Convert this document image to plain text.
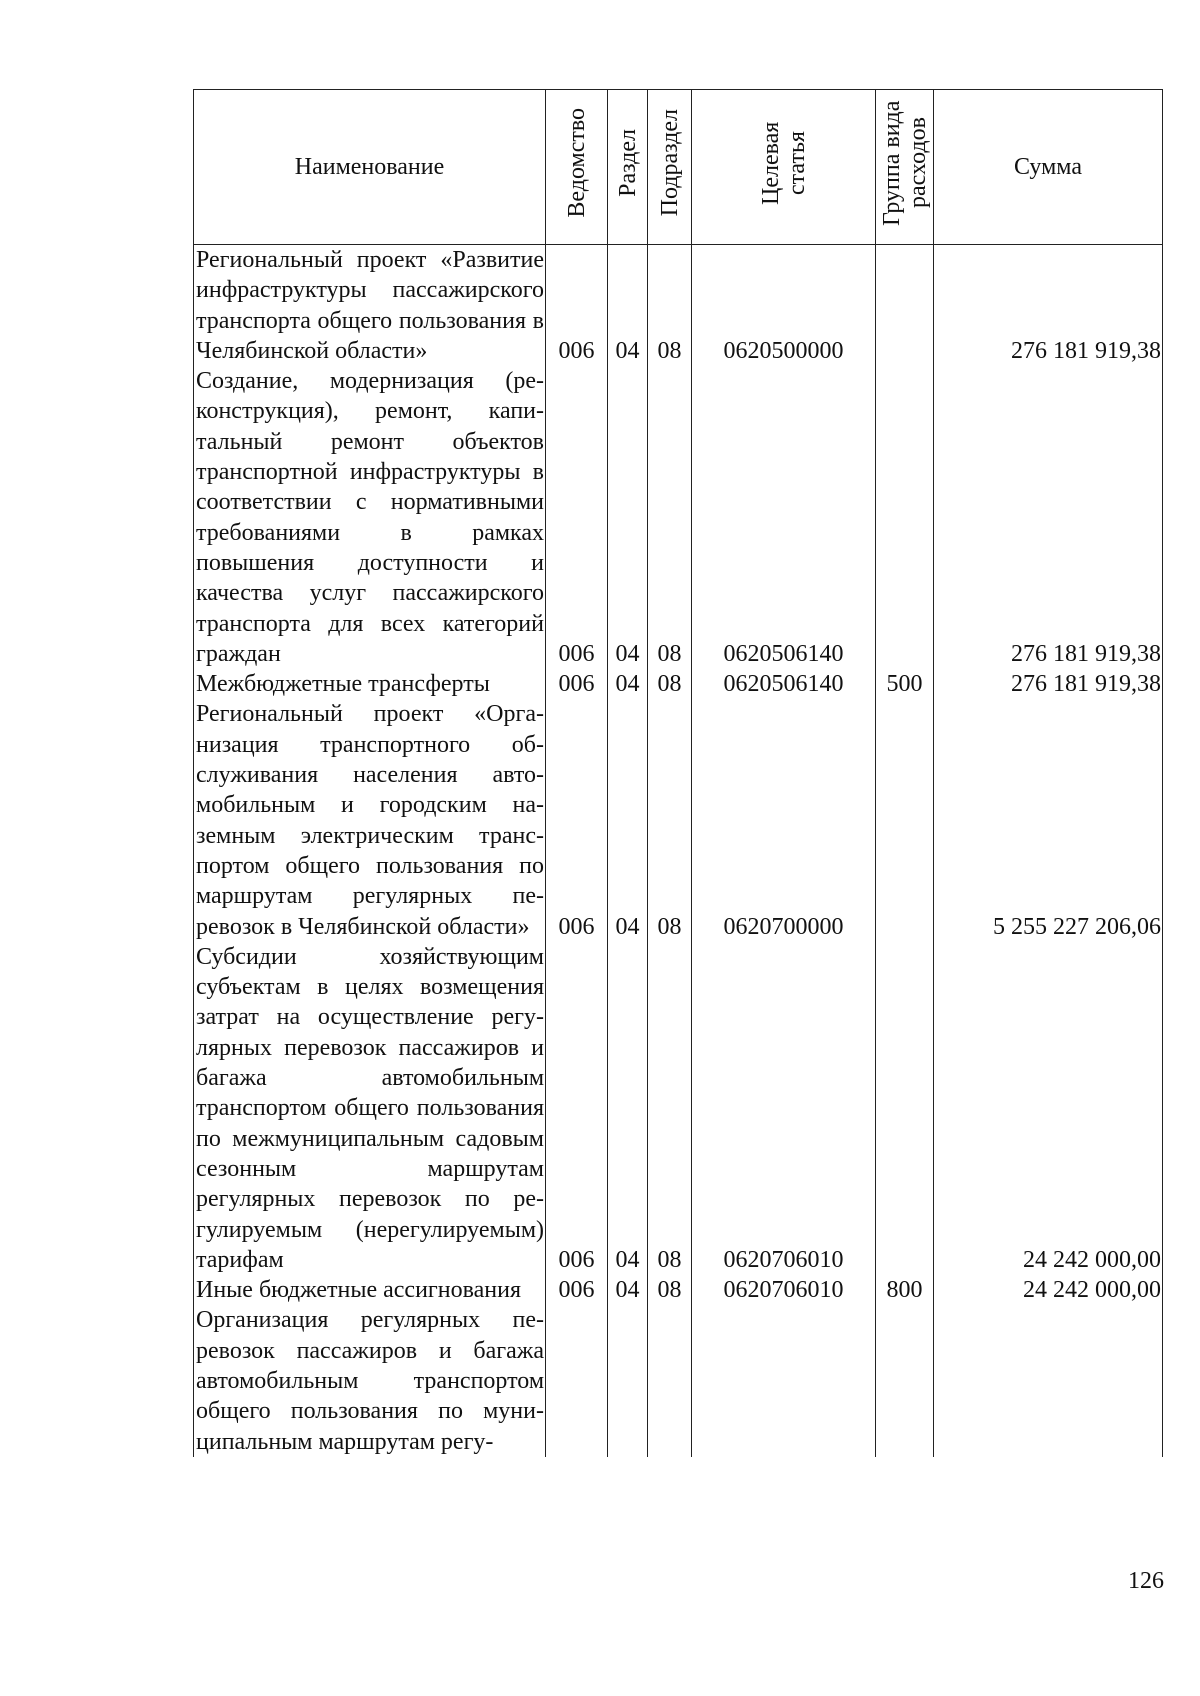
Наименование	Ведомство	Раздел	Подраздел	Целевая статья	Группа вида расходов	Сумма
Региональный проект «Развитие инфраструктуры пассажирского транспорта общего пользования в Челябинской области»	006	04	08	0620500000		276 181 919,38
Создание, модернизация (реконструкция), ремонт, капитальный ремонт объектов транспортной инфраструктуры в соответствии с нормативными требованиями в рамках повышения доступности и качества услуг пассажирского транспорта для всех категорий граждан	006	04	08	0620506140		276 181 919,38
Межбюджетные трансферты	006	04	08	0620506140	500	276 181 919,38
Региональный проект «Организация транспортного обслуживания населения автомобильным и городским наземным электрическим транспортом общего пользования по маршрутам регулярных перевозок в Челябинской области»	006	04	08	0620700000		5 255 227 206,06
Субсидии хозяйствующим субъектам в целях возмещения затрат на осуществление регулярных перевозок пассажиров и багажа автомобильным транспортом общего пользования по межмуниципальным садовым сезонным маршрутам регулярных перевозок по регулируемым (нерегулируемым) тарифам	006	04	08	0620706010		24 242 000,00
Иные бюджетные ассигнования	006	04	08	0620706010	800	24 242 000,00
Организация регулярных перевозок пассажиров и багажа автомобильным транспортом общего пользования по муниципальным маршрутам регу-						
126
